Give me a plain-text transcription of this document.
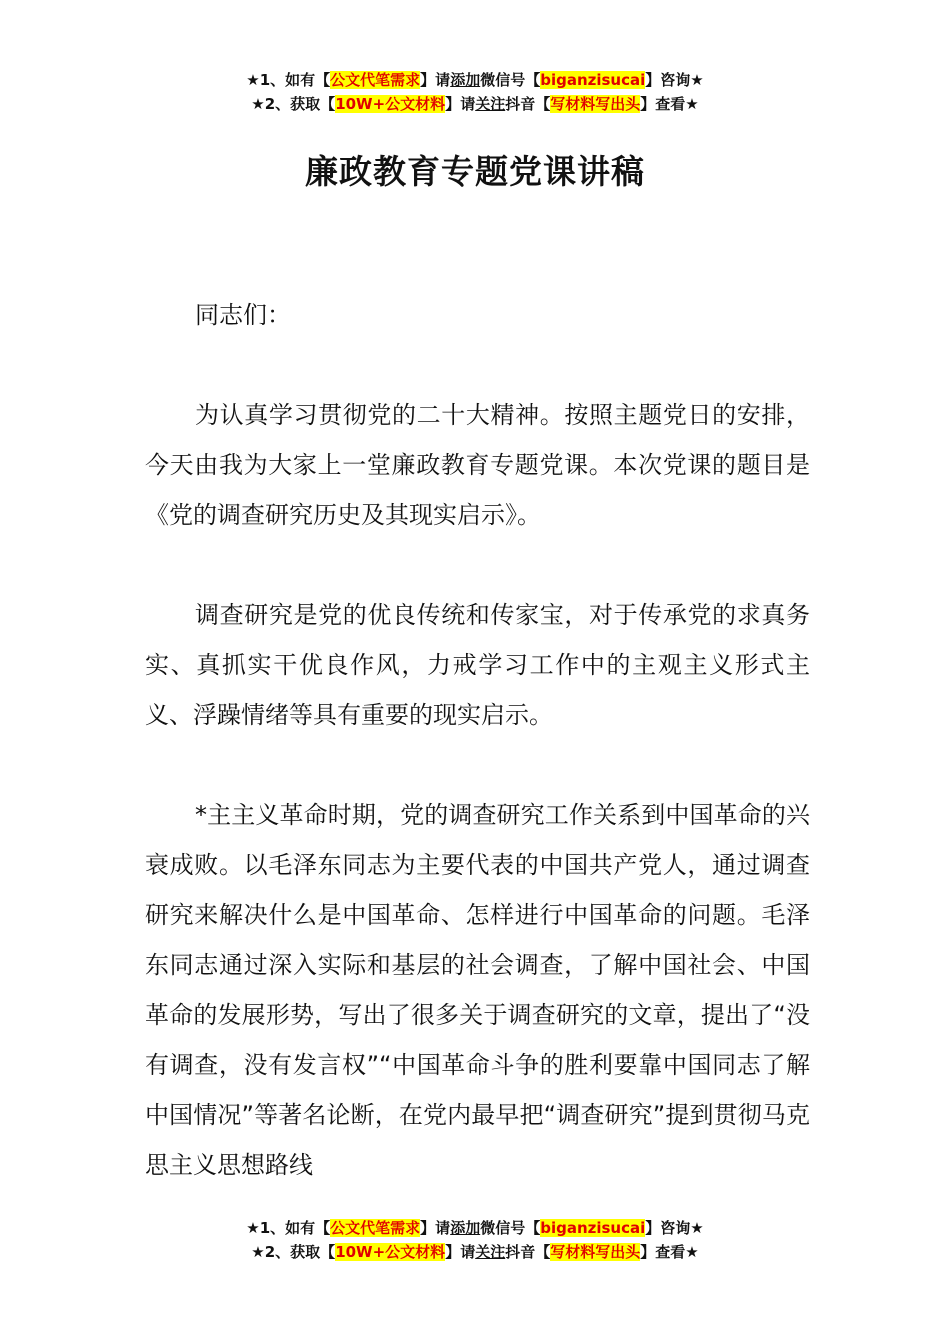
★1、如有【公文代笔需求】请添加微信号【biganzisucai】咨询★
★2、获取【10W+公文材料】请关注抖音【写材料写出头】查看★
廉政教育专题党课讲稿

同志们：

为认真学习贯彻党的二十大精神。按照主题党日的安排，今天由我为大家上一堂廉政教育专题党课。本次党课的题目是《党的调查研究历史及其现实启示》。

调查研究是党的优良传统和传家宝，对于传承党的求真务实、真抓实干优良作风，力戒学习工作中的主观主义形式主义、浮躁情绪等具有重要的现实启示。

*主主义革命时期，党的调查研究工作关系到中国革命的兴衰成败。以毛泽东同志为主要代表的中国共产党人，通过调查研究来解决什么是中国革命、怎样进行中国革命的问题。毛泽东同志通过深入实际和基层的社会调查，了解中国社会、中国革命的发展形势，写出了很多关于调查研究的文章，提出了“没有调查，没有发言权”“中国革命斗争的胜利要靠中国同志了解中国情况”等著名论断，在党内最早把“调查研究”提到贯彻马克思主义思想路线

★1、如有【公文代笔需求】请添加微信号【biganzisucai】咨询★
★2、获取【10W+公文材料】请关注抖音【写材料写出头】查看★
